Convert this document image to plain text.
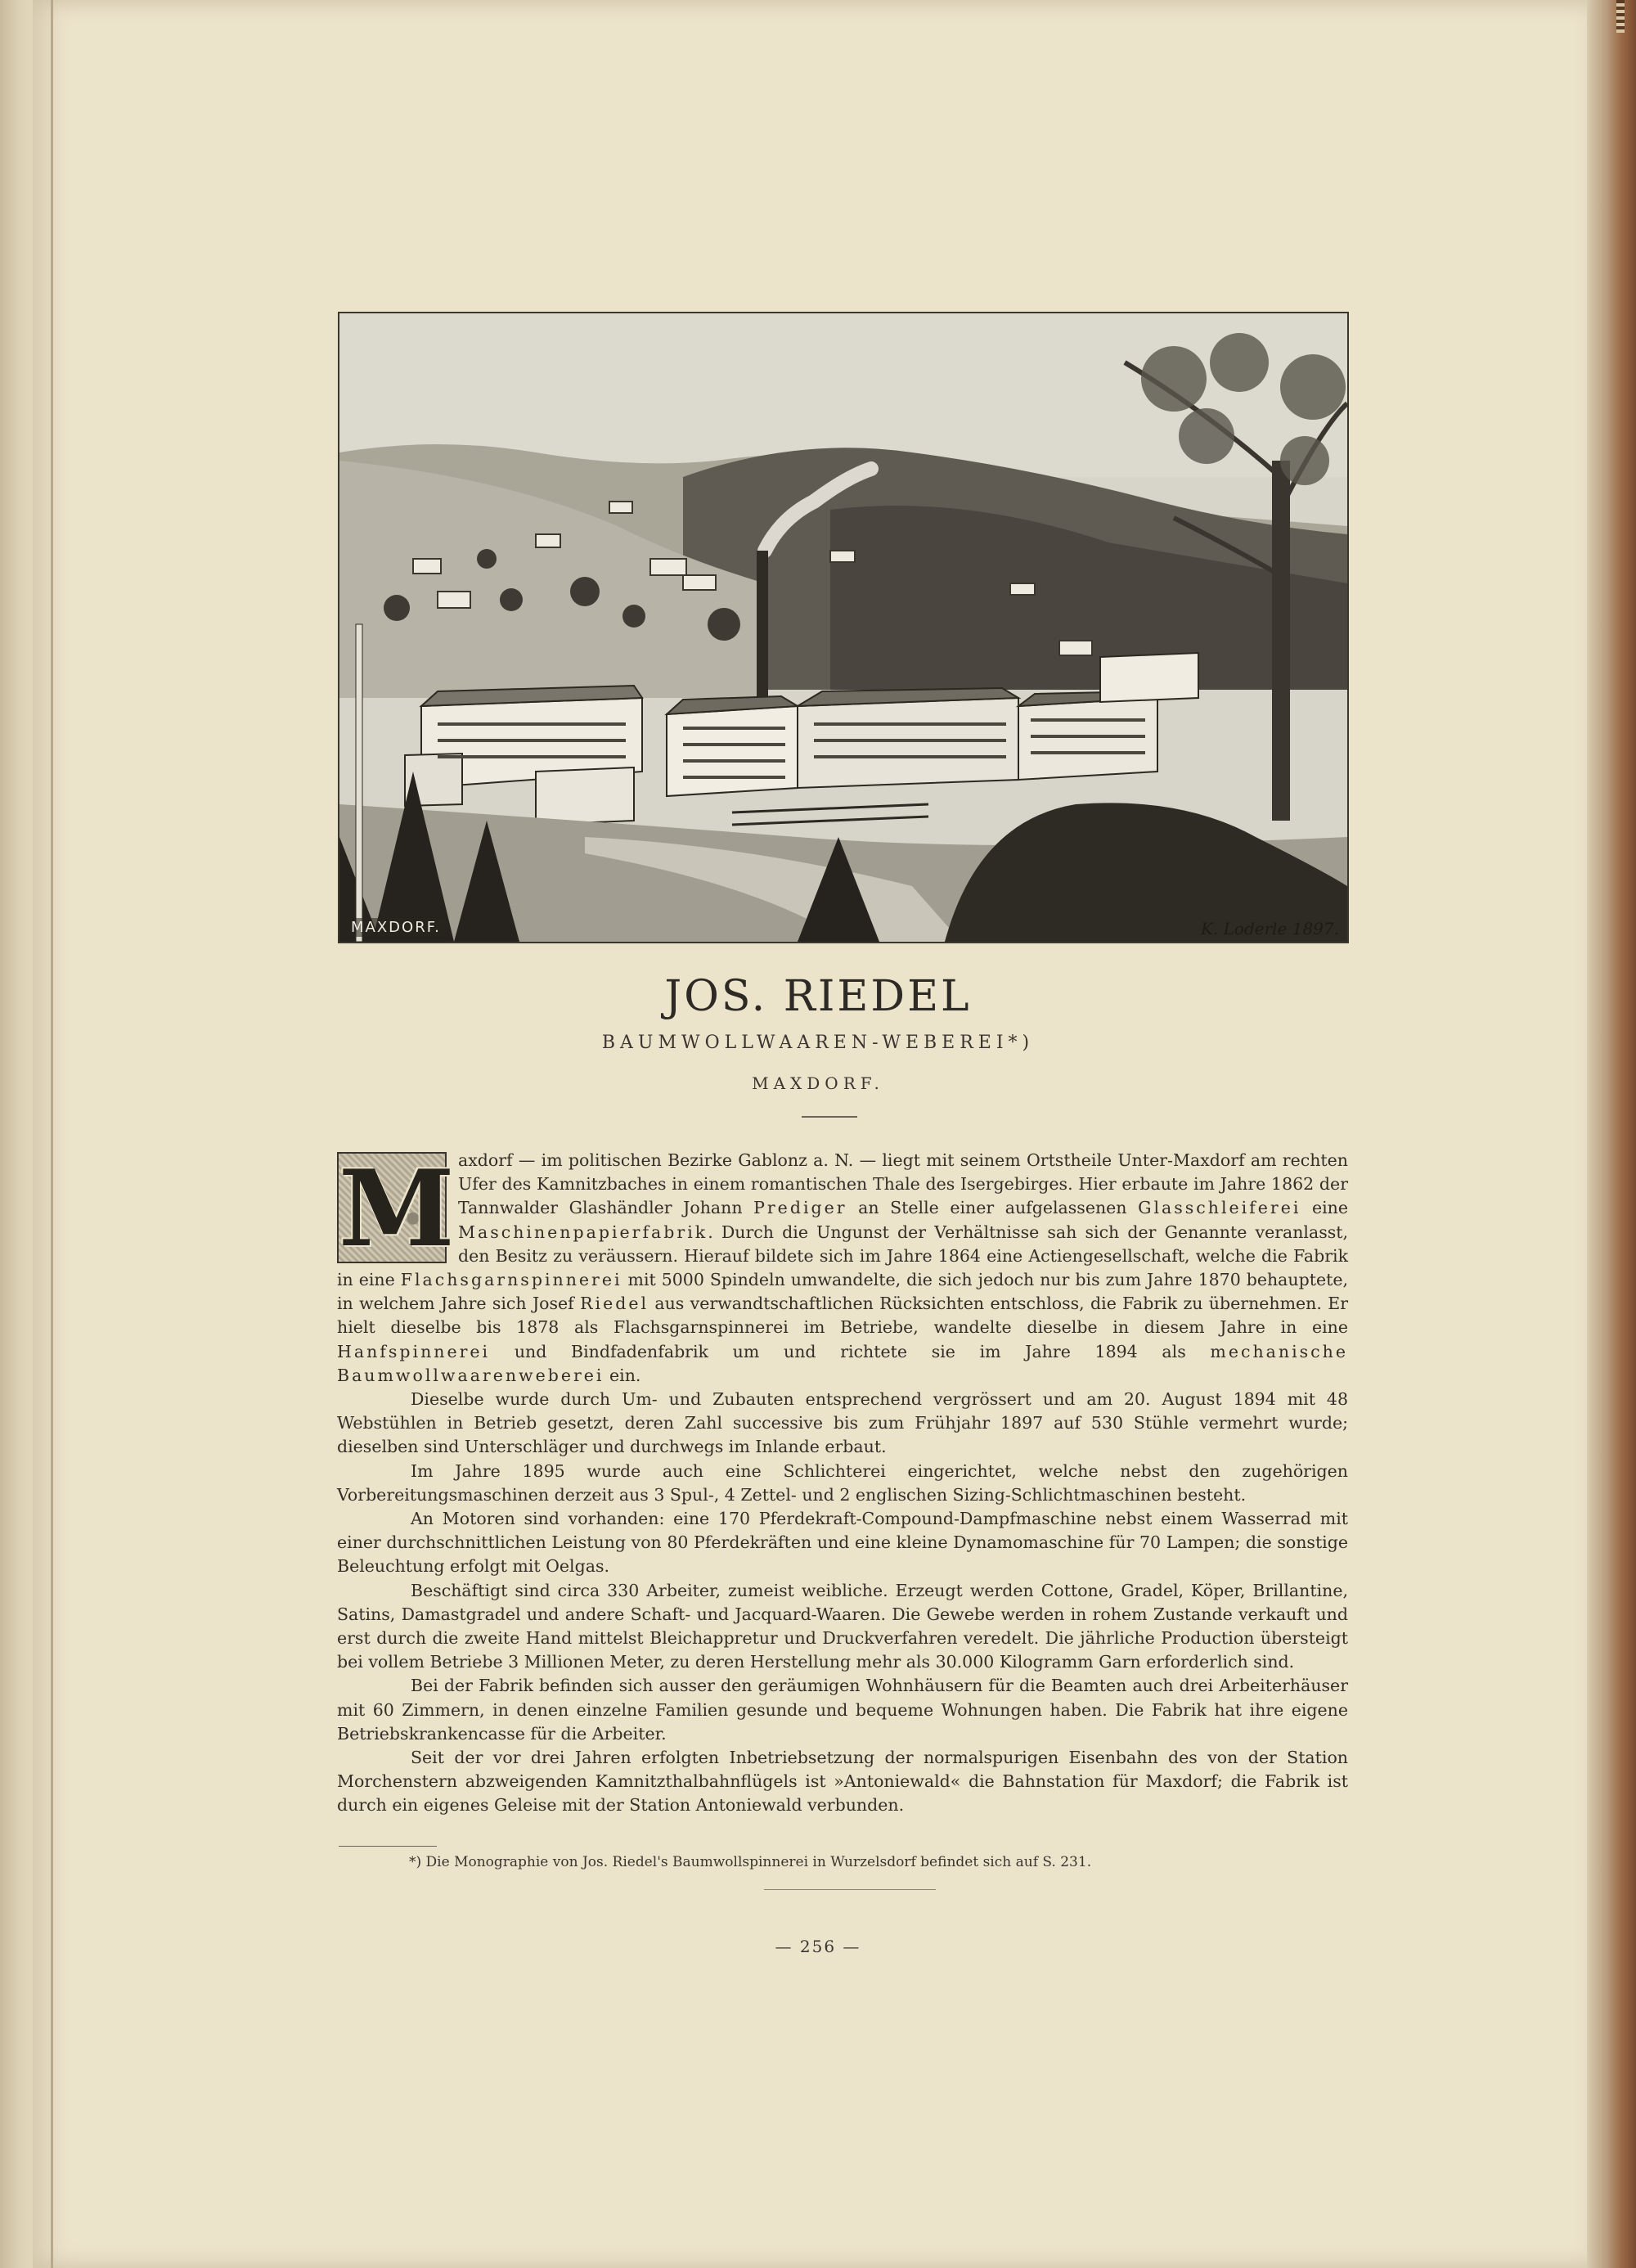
MAXDORF.	K. Loderle 1897.
JOS. RIEDEL
BAUMWOLLWAAREN-WEBEREI*)
MAXDORF.

M axdorf — im politischen Bezirke Gablonz a. N. — liegt mit seinem Ortstheile Unter-Maxdorf am rechten Ufer des Kamnitzbaches in einem romantischen Thale des Isergebirges. Hier erbaute im Jahre 1862 der Tannwalder Glashändler Johann Prediger an Stelle einer aufgelassenen Glasschleiferei eine Maschinenpapierfabrik. Durch die Ungunst der Verhältnisse sah sich der Genannte veranlasst, den Besitz zu veräussern. Hierauf bildete sich im Jahre 1864 eine Actiengesellschaft, welche die Fabrik in eine Flachsgarnspinnerei mit 5000 Spindeln umwandelte, die sich jedoch nur bis zum Jahre 1870 behauptete, in welchem Jahre sich Josef Riedel aus verwandtschaftlichen Rücksichten entschloss, die Fabrik zu übernehmen. Er hielt dieselbe bis 1878 als Flachsgarnspinnerei im Betriebe, wandelte dieselbe in diesem Jahre in eine Hanfspinnerei und Bindfadenfabrik um und richtete sie im Jahre 1894 als mechanische Baumwollwaarenweberei ein.

Dieselbe wurde durch Um- und Zubauten entsprechend vergrössert und am 20. August 1894 mit 48 Webstühlen in Betrieb gesetzt, deren Zahl successive bis zum Frühjahr 1897 auf 530 Stühle vermehrt wurde; dieselben sind Unterschläger und durchwegs im Inlande erbaut.

Im Jahre 1895 wurde auch eine Schlichterei eingerichtet, welche nebst den zugehörigen Vorbereitungsmaschinen derzeit aus 3 Spul-, 4 Zettel- und 2 englischen Sizing-Schlichtmaschinen besteht.

An Motoren sind vorhanden: eine 170 Pferdekraft-Compound-Dampfmaschine nebst einem Wasserrad mit einer durchschnittlichen Leistung von 80 Pferdekräften und eine kleine Dynamomaschine für 70 Lampen; die sonstige Beleuchtung erfolgt mit Oelgas.

Beschäftigt sind circa 330 Arbeiter, zumeist weibliche. Erzeugt werden Cottone, Gradel, Köper, Brillantine, Satins, Damastgradel und andere Schaft- und Jacquard-Waaren. Die Gewebe werden in rohem Zustande verkauft und erst durch die zweite Hand mittelst Bleichappretur und Druckverfahren veredelt. Die jährliche Production übersteigt bei vollem Betriebe 3 Millionen Meter, zu deren Herstellung mehr als 30.000 Kilogramm Garn erforderlich sind.

Bei der Fabrik befinden sich ausser den geräumigen Wohnhäusern für die Beamten auch drei Arbeiterhäuser mit 60 Zimmern, in denen einzelne Familien gesunde und bequeme Wohnungen haben. Die Fabrik hat ihre eigene Betriebskrankencasse für die Arbeiter.

Seit der vor drei Jahren erfolgten Inbetriebsetzung der normalspurigen Eisenbahn des von der Station Morchenstern abzweigenden Kamnitzthalbahnflügels ist »Antoniewald« die Bahnstation für Maxdorf; die Fabrik ist durch ein eigenes Geleise mit der Station Antoniewald verbunden.

*) Die Monographie von Jos. Riedel's Baumwollspinnerei in Wurzelsdorf befindet sich auf S. 231.
— 256 —
